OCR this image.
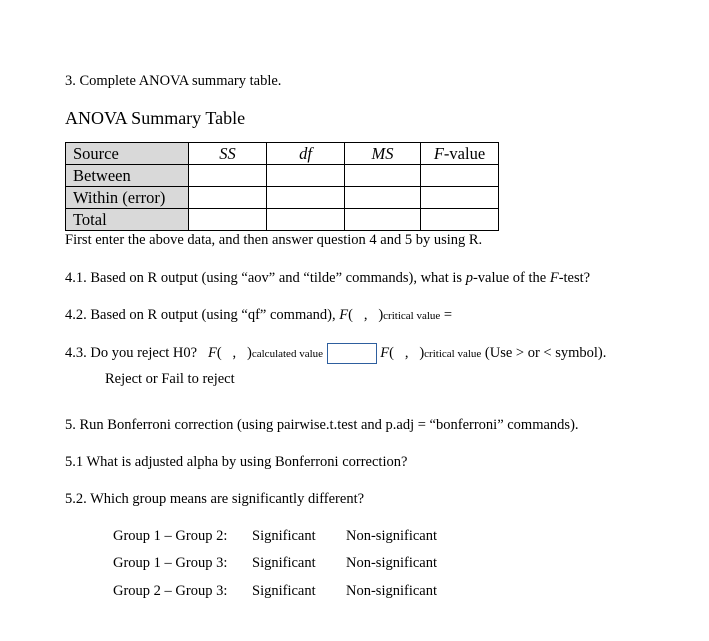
3. Complete ANOVA summary table.
ANOVA Summary Table
Source	SS	df	MS	F-value
Between				
Within (error)				
Total				
First enter the above data, and then answer question 4 and 5 by using R.
4.1. Based on R output (using “aov” and “tilde” commands), what is p-value of the F-test?
4.2. Based on R output (using “qf” command), F(   ,   )critical value =
4.3. Do you reject H0?   F(   ,   )calculated value	F(   ,   )critical value (Use > or < symbol).
Reject or Fail to reject
5. Run Bonferroni correction (using pairwise.t.test and p.adj = “bonferroni” commands).
5.1 What is adjusted alpha by using Bonferroni correction?
5.2. Which group means are significantly different?
Group 1 – Group 2: Significant Non-significant
Group 1 – Group 3: Significant Non-significant
Group 2 – Group 3: Significant Non-significant
